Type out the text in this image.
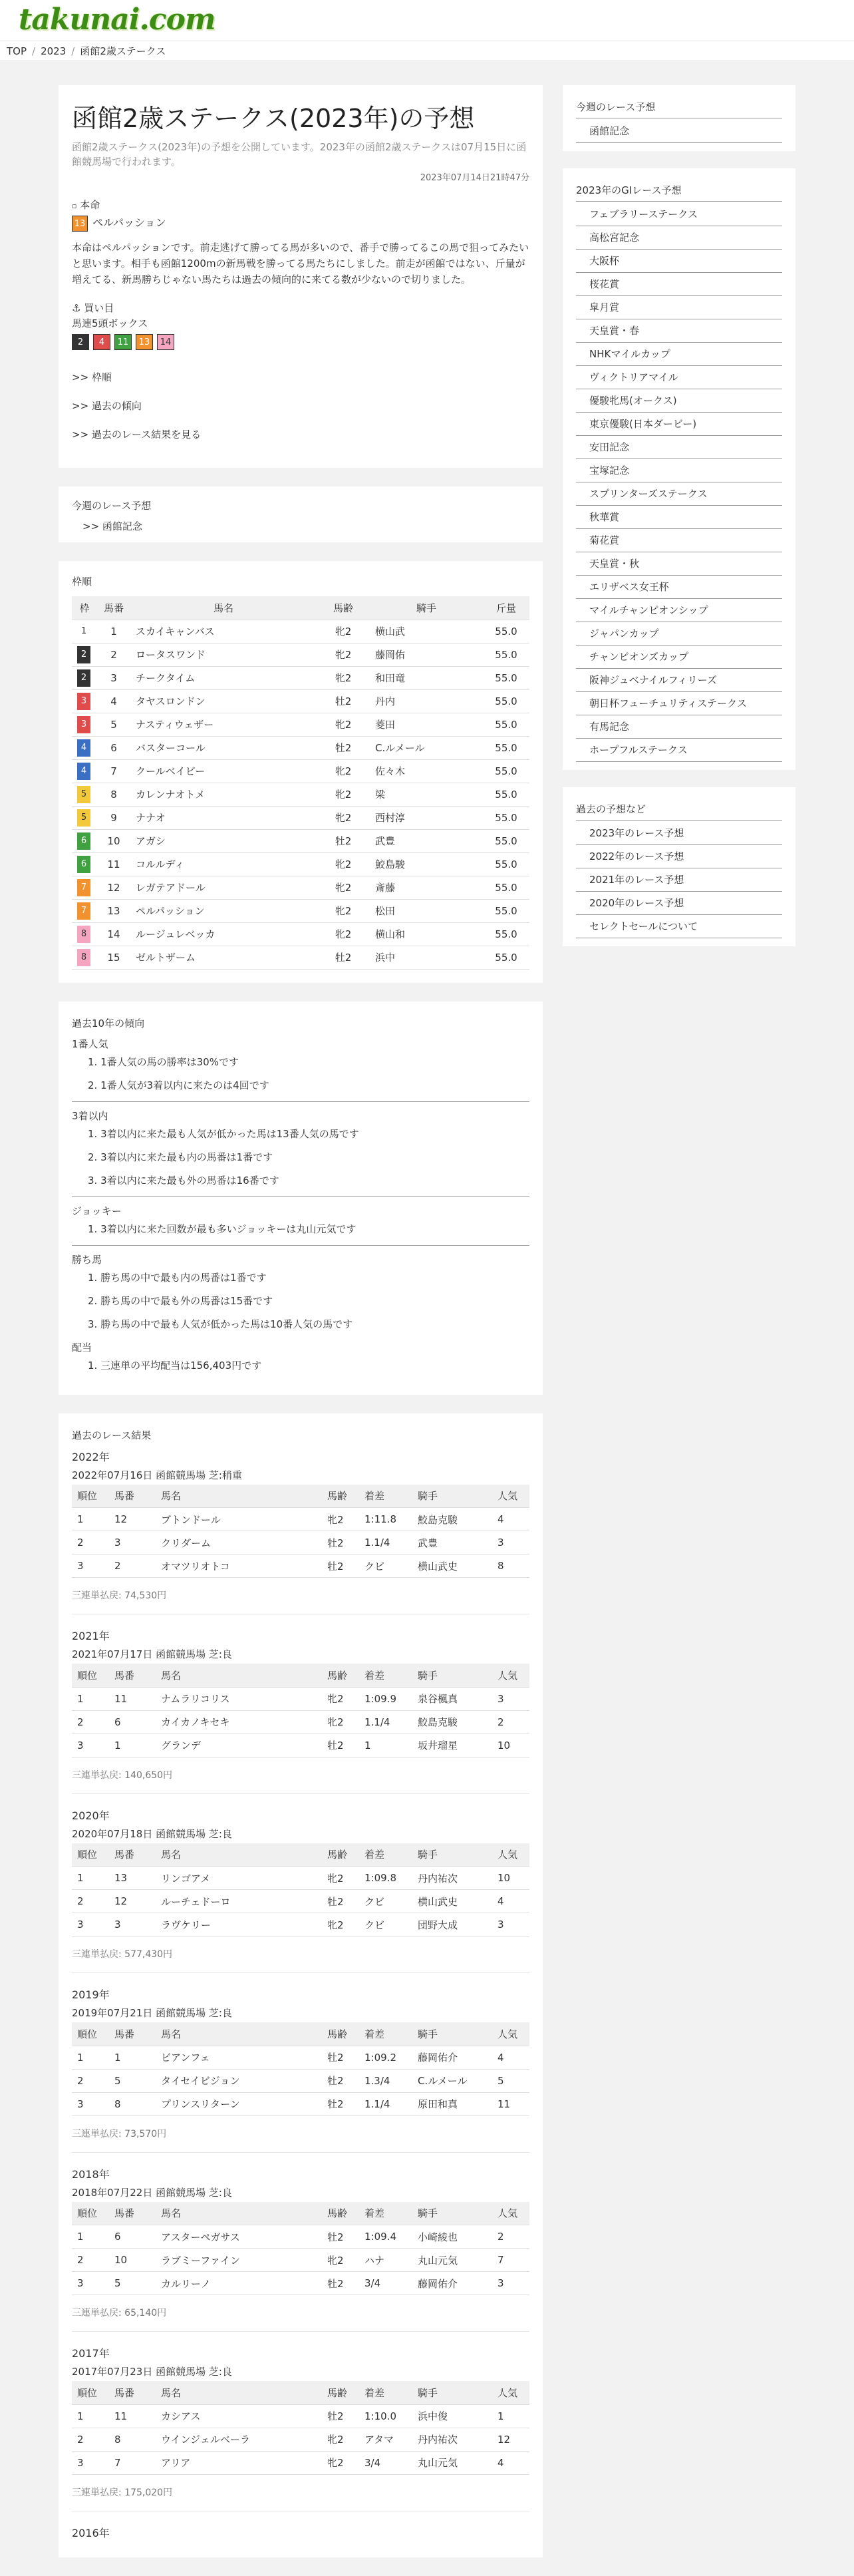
takunai.com
TOP / 2023 / 函館2歳ステークス
函館2歳ステークス(2023年)の予想
函館2歳ステークス(2023年)の予想を公開しています。2023年の函館2歳ステークスは07月15日に函館競馬場で行われます。
2023年07月14日21時47分
▫ 本命
13 ペルパッション
本命はペルパッションです。前走逃げて勝ってる馬が多いので、番手で勝ってるこの馬で狙ってみたいと思います。相手も函館1200mの新馬戦を勝ってる馬たちにしました。前走が函館ではない、斤量が増えてる、新馬勝ちじゃない馬たちは過去の傾向的に来てる数が少ないので切りました。
⚓ 買い目
馬連5頭ボックス
2	4	11	13	14
>> 枠順
>> 過去の傾向
>> 過去のレース結果を見る
今週のレース予想
>> 函館記念
枠順
枠	馬番	馬名	馬齢	騎手	斤量
1	1	スカイキャンバス	牝2	横山武	55.0
2	2	ロータスワンド	牝2	藤岡佑	55.0
2	3	チークタイム	牝2	和田竜	55.0
3	4	タヤスロンドン	牡2	丹内	55.0
3	5	ナスティウェザー	牝2	菱田	55.0
4	6	バスターコール	牡2	C.ルメール	55.0
4	7	クールベイビー	牝2	佐々木	55.0
5	8	カレンナオトメ	牝2	梁	55.0
5	9	ナナオ	牝2	西村淳	55.0
6	10	アガシ	牡2	武豊	55.0
6	11	コルルディ	牝2	鮫島駿	55.0
7	12	レガテアドール	牝2	斎藤	55.0
7	13	ペルパッション	牝2	松田	55.0
8	14	ルージュレベッカ	牝2	横山和	55.0
8	15	ゼルトザーム	牡2	浜中	55.0
過去10年の傾向
1番人気
1. 1番人気の馬の勝率は30%です
2. 1番人気が3着以内に来たのは4回です
3着以内
1. 3着以内に来た最も人気が低かった馬は13番人気の馬です
2. 3着以内に来た最も内の馬番は1番です
3. 3着以内に来た最も外の馬番は16番です
ジョッキー
1. 3着以内に来た回数が最も多いジョッキーは丸山元気です
勝ち馬
1. 勝ち馬の中で最も内の馬番は1番です
2. 勝ち馬の中で最も外の馬番は15番です
3. 勝ち馬の中で最も人気が低かった馬は10番人気の馬です
配当
1. 三連単の平均配当は156,403円です
過去のレース結果
2022年
2022年07月16日 函館競馬場 芝:稍重
順位	馬番	馬名	馬齢	着差	騎手	人気
1	12	ブトンドール	牝2	1:11.8	鮫島克駿	4
2	3	クリダーム	牡2	1.1/4	武豊	3
3	2	オマツリオトコ	牡2	クビ	横山武史	8
三連単払戻: 74,530円
2021年
2021年07月17日 函館競馬場 芝:良
順位	馬番	馬名	馬齢	着差	騎手	人気
1	11	ナムラリコリス	牝2	1:09.9	泉谷楓真	3
2	6	カイカノキセキ	牝2	1.1/4	鮫島克駿	2
3	1	グランデ	牡2	1	坂井瑠星	10
三連単払戻: 140,650円
2020年
2020年07月18日 函館競馬場 芝:良
順位	馬番	馬名	馬齢	着差	騎手	人気
1	13	リンゴアメ	牝2	1:09.8	丹内祐次	10
2	12	ルーチェドーロ	牡2	クビ	横山武史	4
3	3	ラヴケリー	牝2	クビ	団野大成	3
三連単払戻: 577,430円
2019年
2019年07月21日 函館競馬場 芝:良
順位	馬番	馬名	馬齢	着差	騎手	人気
1	1	ビアンフェ	牡2	1:09.2	藤岡佑介	4
2	5	タイセイビジョン	牡2	1.3/4	C.ルメール	5
3	8	プリンスリターン	牡2	1.1/4	原田和真	11
三連単払戻: 73,570円
2018年
2018年07月22日 函館競馬場 芝:良
順位	馬番	馬名	馬齢	着差	騎手	人気
1	6	アスターペガサス	牡2	1:09.4	小崎綾也	2
2	10	ラブミーファイン	牝2	ハナ	丸山元気	7
3	5	カルリーノ	牡2	3/4	藤岡佑介	3
三連単払戻: 65,140円
2017年
2017年07月23日 函館競馬場 芝:良
順位	馬番	馬名	馬齢	着差	騎手	人気
1	11	カシアス	牡2	1:10.0	浜中俊	1
2	8	ウインジェルベーラ	牝2	アタマ	丹内祐次	12
3	7	アリア	牝2	3/4	丸山元気	4
三連単払戻: 175,020円
2016年
今週のレース予想
函館記念
2023年のGⅠレース予想
フェブラリーステークス
高松宮記念
大阪杯
桜花賞
皐月賞
天皇賞・春
NHKマイルカップ
ヴィクトリアマイル
優駿牝馬(オークス)
東京優駿(日本ダービー)
安田記念
宝塚記念
スプリンターズステークス
秋華賞
菊花賞
天皇賞・秋
エリザベス女王杯
マイルチャンピオンシップ
ジャパンカップ
チャンピオンズカップ
阪神ジュベナイルフィリーズ
朝日杯フューチュリティステークス
有馬記念
ホープフルステークス
過去の予想など
2023年のレース予想
2022年のレース予想
2021年のレース予想
2020年のレース予想
セレクトセールについて
